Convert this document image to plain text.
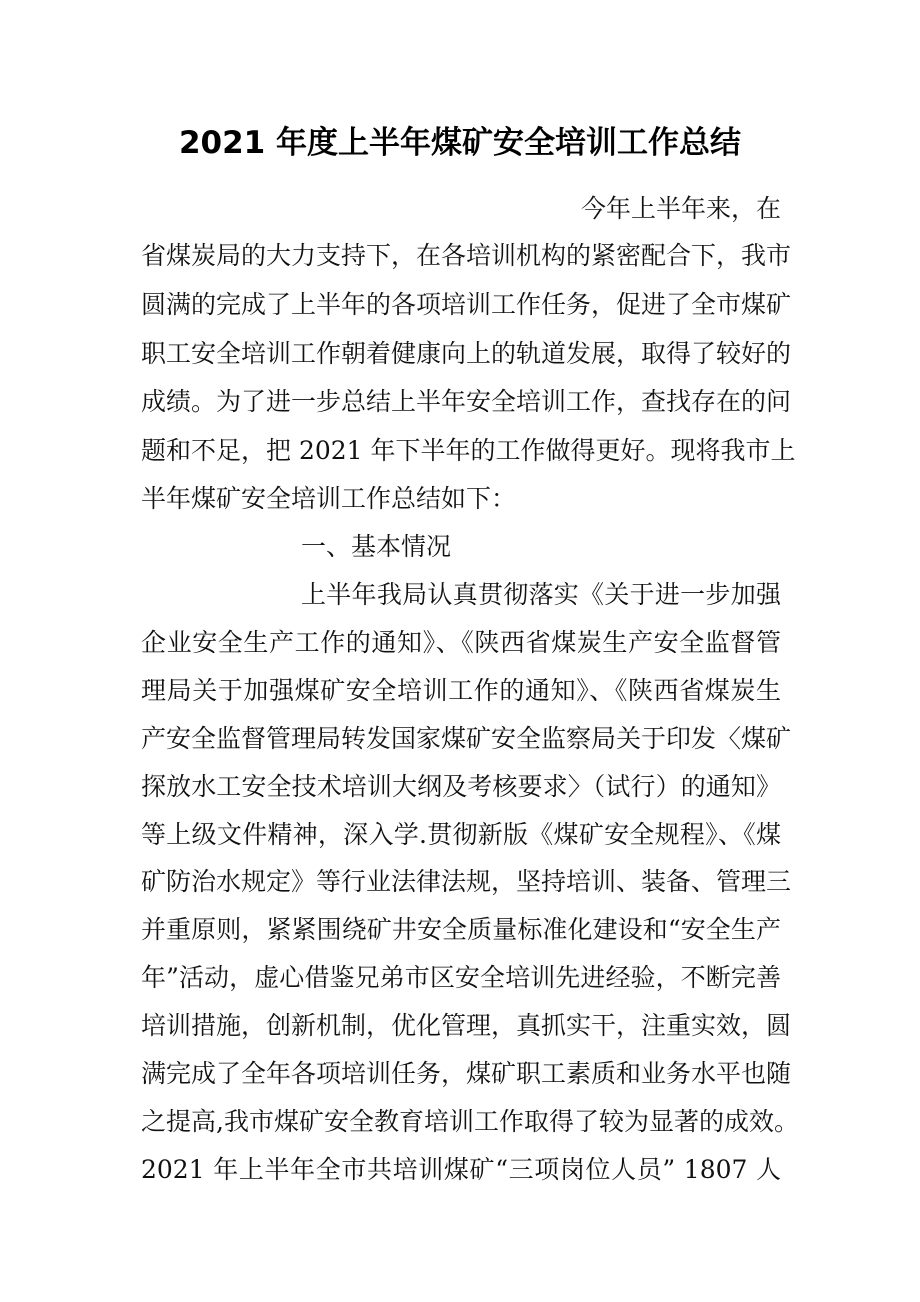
2021 年度上半年煤矿安全培训工作总结
今年上半年来，在
省煤炭局的大力支持下，在各培训机构的紧密配合下，我市
圆满的完成了上半年的各项培训工作任务，促进了全市煤矿
职工安全培训工作朝着健康向上的轨道发展，取得了较好的
成绩。为了进一步总结上半年安全培训工作，查找存在的问
题和不足，把 2021 年下半年的工作做得更好。现将我市上
半年煤矿安全培训工作总结如下：
一、基本情况
上半年我局认真贯彻落实《关于进一步加强
企业安全生产工作的通知》、《陕西省煤炭生产安全监督管
理局关于加强煤矿安全培训工作的通知》、《陕西省煤炭生
产安全监督管理局转发国家煤矿安全监察局关于印发〈煤矿
探放水工安全技术培训大纲及考核要求〉（试行）的通知》
等上级文件精神，深入学.贯彻新版《煤矿安全规程》、《煤
矿防治水规定》等行业法律法规，坚持培训、装备、管理三
并重原则，紧紧围绕矿井安全质量标准化建设和“安全生产
年”活动，虚心借鉴兄弟市区安全培训先进经验，不断完善
培训措施，创新机制，优化管理，真抓实干，注重实效，圆
满完成了全年各项培训任务，煤矿职工素质和业务水平也随
之提高,我市煤矿安全教育培训工作取得了较为显著的成效。
2021 年上半年全市共培训煤矿“三项岗位人员” 1807 人
